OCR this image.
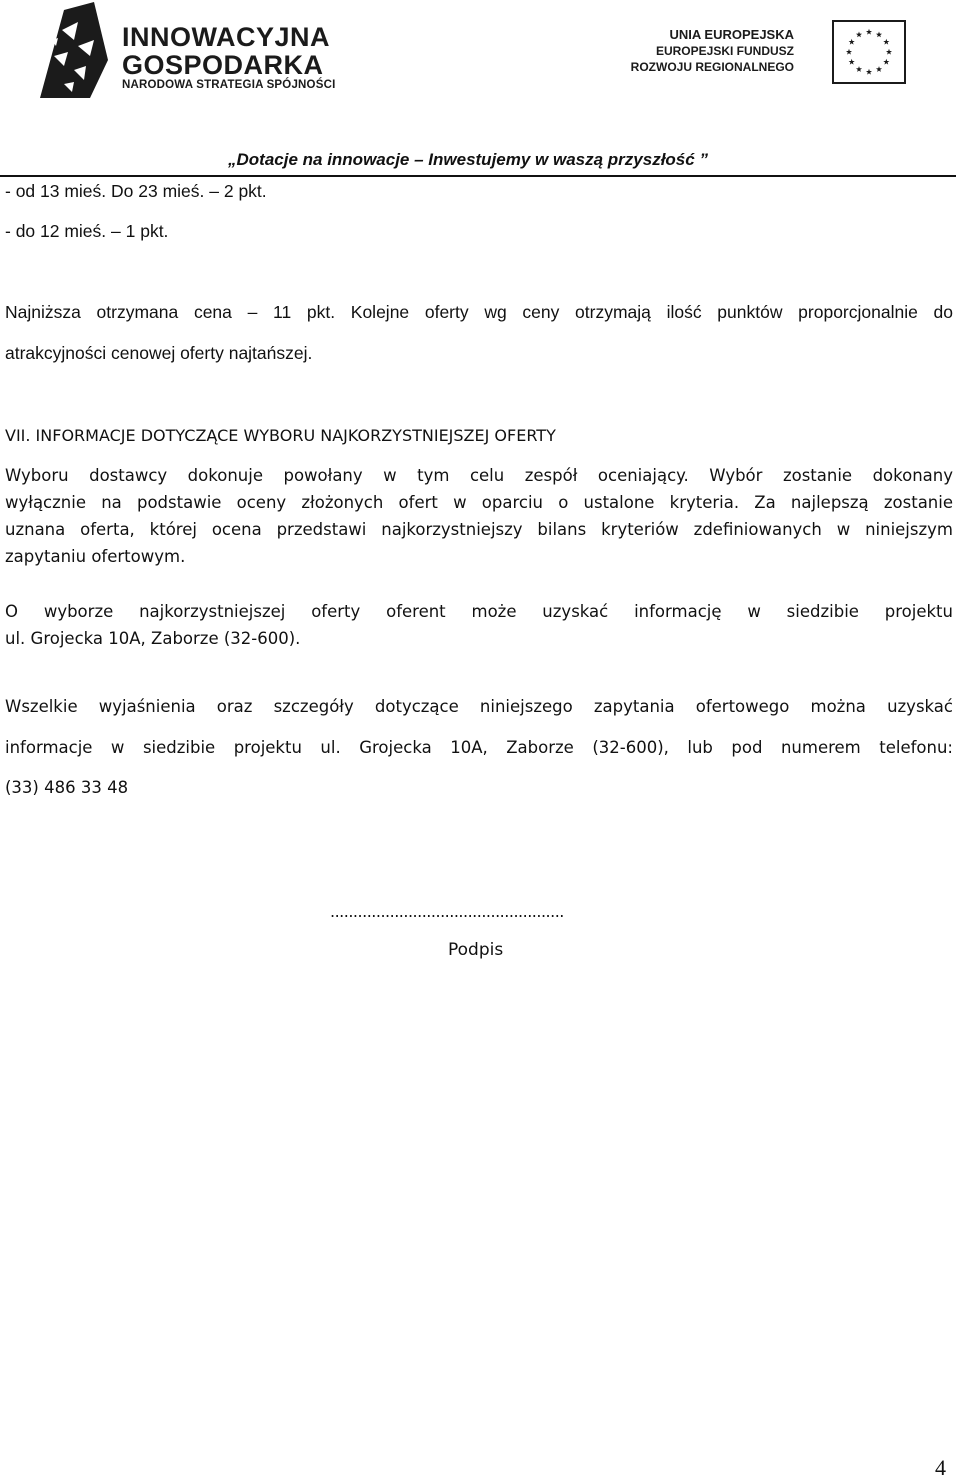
INNOWACYJNA
GOSPODARKA
NARODOWA STRATEGIA SPÓJNOŚCI
UNIA EUROPEJSKA
EUROPEJSKI FUNDUSZ
ROZWOJU REGIONALNEGO
„Dotacje na innowacje – Inwestujemy w waszą przyszłość ”
- od 13 mieś. Do 23 mieś. – 2 pkt.
- do 12 mieś. – 1 pkt.
Najniższa otrzymana cena – 11 pkt. Kolejne oferty wg ceny otrzymają ilość punktów proporcjonalnie do
atrakcyjności cenowej oferty najtańszej.
VII. INFORMACJE DOTYCZĄCE WYBORU NAJKORZYSTNIEJSZEJ OFERTY
Wyboru dostawcy dokonuje powołany w tym celu zespół oceniający. Wybór zostanie dokonany
wyłącznie na podstawie oceny złożonych ofert w oparciu o ustalone kryteria. Za najlepszą zostanie
uznana oferta, której ocena przedstawi najkorzystniejszy bilans kryteriów zdefiniowanych w niniejszym
zapytaniu ofertowym.
O wyborze najkorzystniejszej oferty oferent może uzyskać informację w siedzibie projektu
ul. Grojecka 10A, Zaborze (32-600).
Wszelkie wyjaśnienia oraz szczegóły dotyczące niniejszego zapytania ofertowego można uzyskać
informacje w siedzibie projektu ul. Grojecka 10A, Zaborze (32-600), lub pod numerem telefonu:
(33) 486 33 48
...................................................
Podpis
4
